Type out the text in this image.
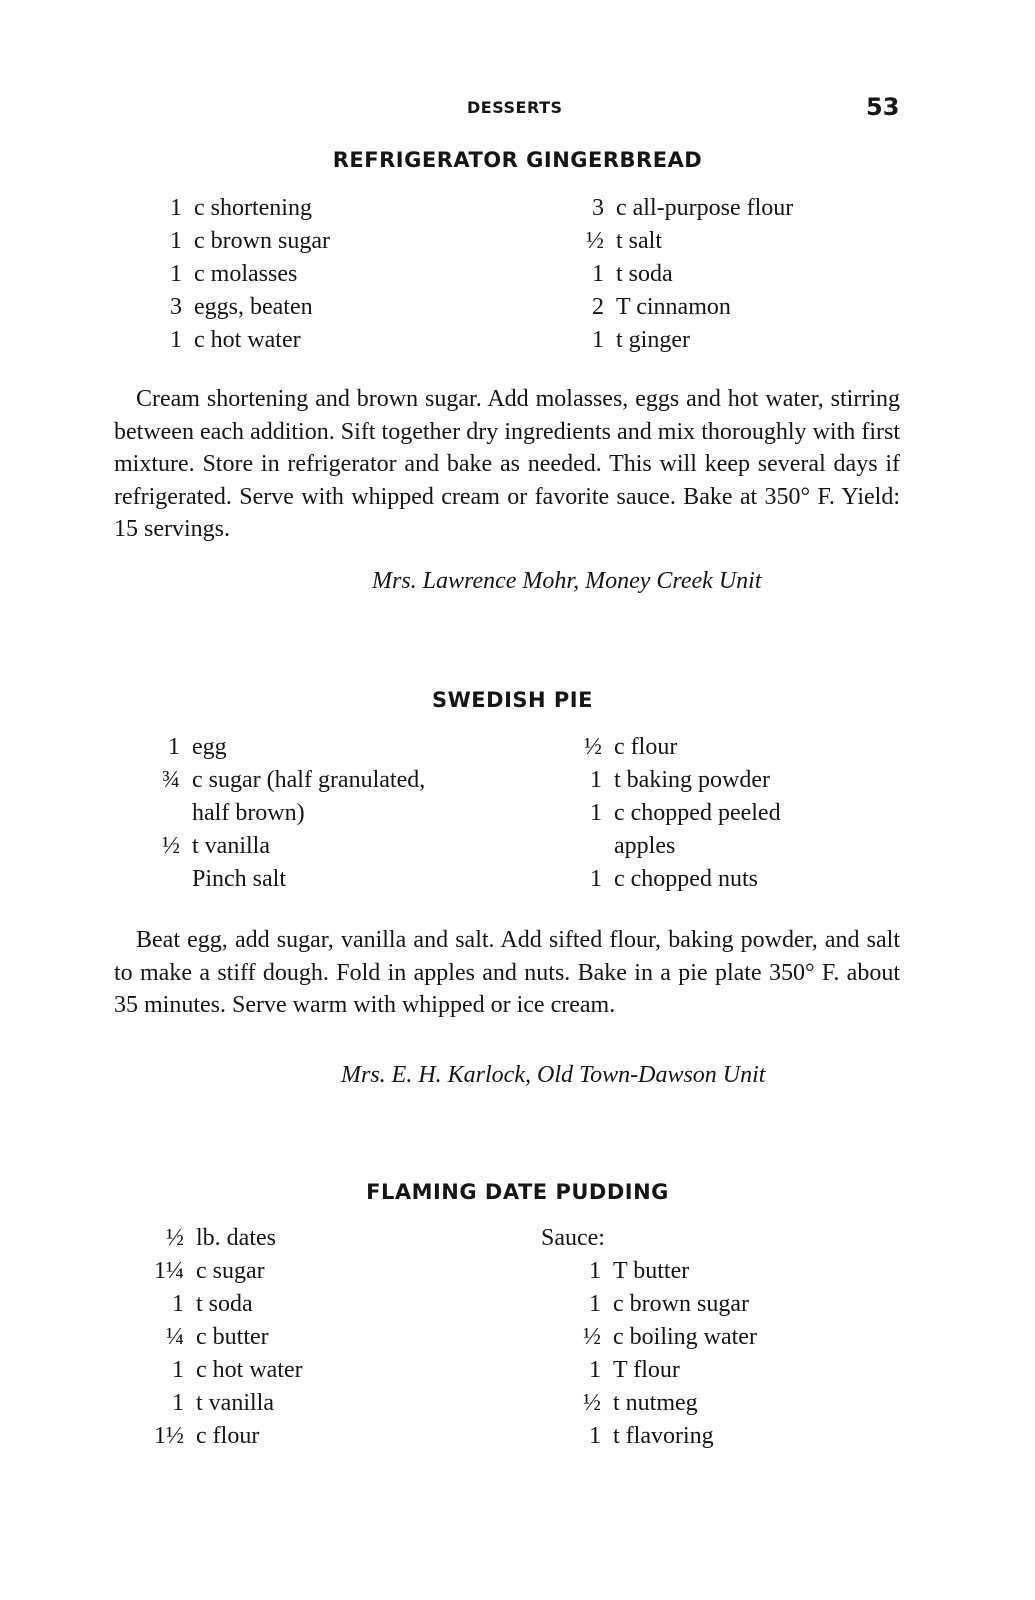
DESSERTS	53
REFRIGERATOR GINGERBREAD
1 c shortening
1 c brown sugar
1 c molasses
3 eggs, beaten
1 c hot water
3 c all-purpose flour
½ t salt
1 t soda
2 T cinnamon
1 t ginger

Cream shortening and brown sugar. Add molasses, eggs and hot water, stirring between each addition. Sift together dry ingredients and mix thoroughly with first mixture. Store in refrigerator and bake as needed. This will keep several days if refrigerated. Serve with whipped cream or favorite sauce. Bake at 350° F. Yield: 15 servings.

Mrs. Lawrence Mohr, Money Creek Unit
SWEDISH PIE
1 egg
¾ c sugar (half granulated,
half brown)
½ t vanilla
Pinch salt
½ c flour
1 t baking powder
1 c chopped peeled
apples
1 c chopped nuts

Beat egg, add sugar, vanilla and salt. Add sifted flour, baking powder, and salt to make a stiff dough. Fold in apples and nuts. Bake in a pie plate 350° F. about 35 minutes. Serve warm with whipped or ice cream.

Mrs. E. H. Karlock, Old Town-Dawson Unit
FLAMING DATE PUDDING
½ lb. dates
1¼ c sugar
1 t soda
¼ c butter
1 c hot water
1 t vanilla
1½ c flour
Sauce:
1 T butter
1 c brown sugar
½ c boiling water
1 T flour
½ t nutmeg
1 t flavoring
